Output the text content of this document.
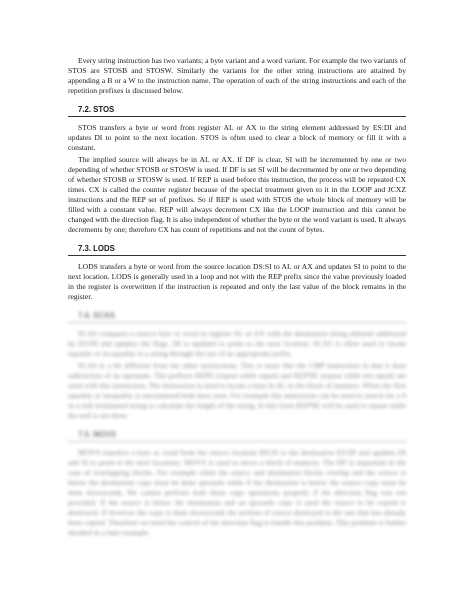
Every string instruction has two variants; a byte variant and a word variant. For example the two variants of STOS are STOSB and STOSW. Similarly the variants for the other string instructions are attained by appending a B or a W to the instruction name. The operation of each of the string instructions and each of the repetition prefixes is discussed below.

7.2. STOS

STOS transfers a byte or word from register AL or AX to the string element addressed by ES:DI and updates DI to point to the next location. STOS is often used to clear a block of memory or fill it with a constant.

The implied source will always be in AL or AX. If DF is clear, SI will be incremented by one or two depending of whether STOSB or STOSW is used. If DF is set SI will be decremented by one or two depending of whether STOSB or STOSW is used. If REP is used before this instruction, the process will be repeated CX times. CX is called the counter register because of the special treatment given to it in the LOOP and JCXZ instructions and the REP set of prefixes. So if REP is used with STOS the whole block of memory will be filled with a constant value. REP will always decrement CX like the LOOP instruction and this cannot be changed with the direction flag. It is also independent of whether the byte or the word variant is used. It always decrements by one; therefore CX has count of repetitions and not the count of bytes.

7.3. LODS

LODS transfers a byte or word from the source location DS:SI to AL or AX and updates SI to point to the next location. LODS is generally used in a loop and not with the REP prefix since the value previously loaded in the register is overwritten if the instruction is repeated and only the last value of the block remains in the register.

7.4. SCAS

SCAS compares a source byte or word in register AL or AX with the destination string element addressed by ES:DI and updates the flags. DI is updated to point to the next location. SCAS is often used to locate equality or in-equality in a string through the use of an appropriate prefix.

SCAS is a bit different from the other instructions. This is more like the CMP instruction in that it does subtraction of its operands. The prefixes REPE (repeat while equal) and REPNE (repeat while not equal) are used with this instruction. The instruction is used to locate a byte in AL in the block of memory. When the first equality or inequality is encountered both have uses. For example this instruction can be used to search for a 0 in a null terminated string to calculate the length of the string. In this form REPNE will be used to repeat while the null is not there.

7.5. MOVS

MOVS transfers a byte or word from the source location DS:SI to the destination ES:DI and updates DI and SI to point to the next locations. MOVS is used to move a block of memory. The DF is important in the case of overlapping blocks. For example when the source and destination blocks overlap and the source is below the destination copy must be done upwards while if the destination is below the source copy must be done downwards. We cannot perform both these copy operations properly if the direction flag was not provided. If the source is below the destination and an upwards copy is used the source to be copied is destroyed. If however the copy is done downwards the portion of source destroyed is the one that has already been copied. Therefore we need the control of the direction flag to handle this problem. This problem is further detailed in a later example.
